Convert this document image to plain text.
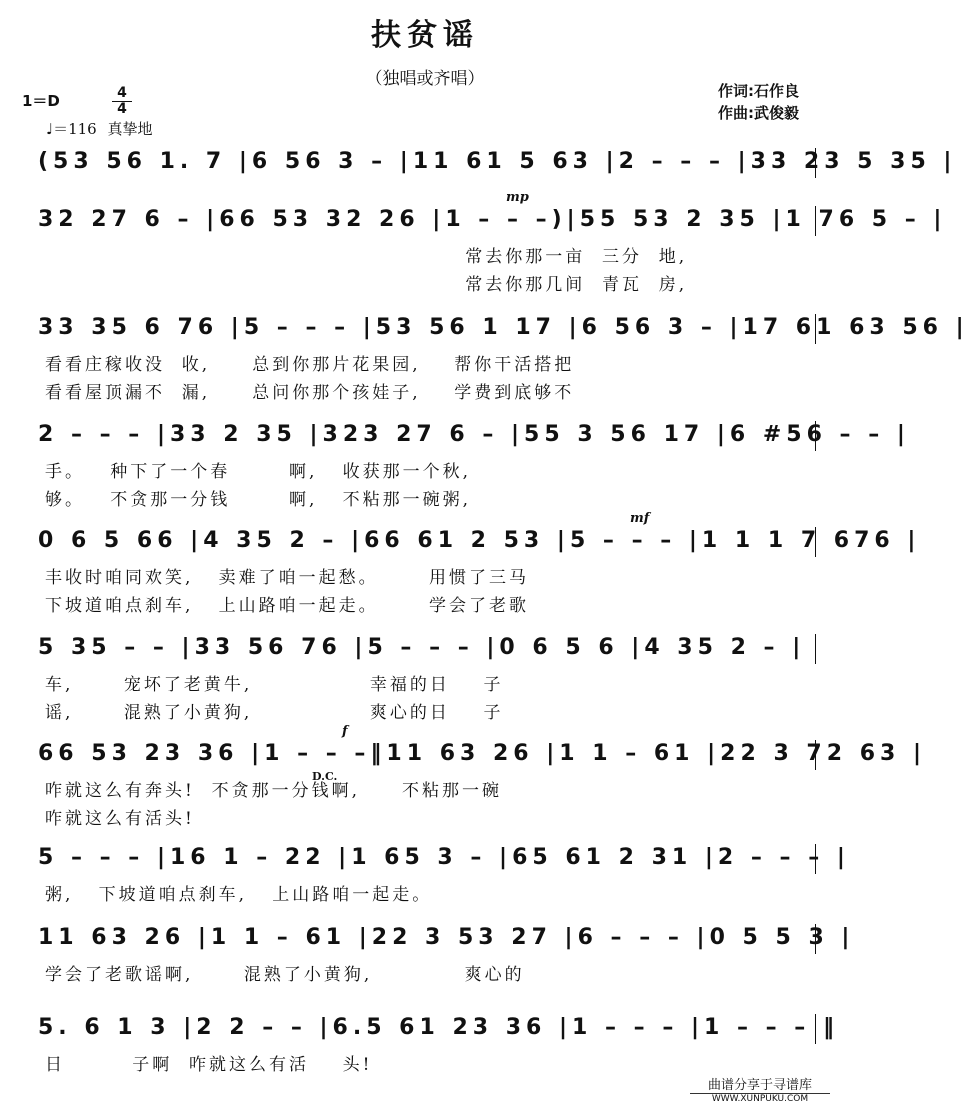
扶贫谣
（独唱或齐唱）
1＝D	4
4
♩＝116 真挚地
作词:石作良
作曲:武俊毅
(53 56 1. 7 |6 56 3 – |11 61 5 63 |2 – – – |33 23 5 35 |
32 27 6 – |66 53 32 26 |1 – – –)|55 53 2 35 |1 76 5 – |
mp
常去你那一亩  三分  地,
常去你那几间  青瓦  房,
33 35 6 76 |5 – – – |53 56 1 17 |6 56 3 – |17 61 63 56 |
看看庄稼收没  收,     总到你那片花果园,    帮你干活搭把
看看屋顶漏不  漏,     总问你那个孩娃子,    学费到底够不
2 – – – |33 2 35 |323 27 6 – |55 3 56 17 |6 #56 – – |
手。   种下了一个春       啊,   收获那一个秋,
够。   不贪那一分钱       啊,   不粘那一碗粥,
0 6 5 66 |4 35 2 – |66 61 2 53 |5 – – – |1 1 1 7 676 |
mf
丰收时咱同欢笑,   卖难了咱一起愁。      用惯了三马
下坡道咱点刹车,   上山路咱一起走。      学会了老歌
5 35 – – |33 56 76 |5 – – – |0 6 5 6 |4 35 2 – |
车,      宠坏了老黄牛,              幸福的日    子
谣,      混熟了小黄狗,              爽心的日    子
66 53 23 36 |1 – – –‖11 63 26 |1 1 – 61 |22 3 72 63 |
f
咋就这么有奔头!  不贪那一分钱啊,     不粘那一碗
咋就这么有活头!
5 – – – |16 1 – 22 |1 65 3 – |65 61 2 31 |2 – – – |
粥,   下坡道咱点刹车,   上山路咱一起走。
11 63 26 |1 1 – 61 |22 3 53 27 |6 – – – |0 5 5 3 |
学会了老歌谣啊,      混熟了小黄狗,           爽心的
5. 6 1 3 |2 2 – – |6.5 61 23 36 |1 – – – |1 – – – ‖
日        子啊  咋就这么有活    头!
D.C.
曲谱分享于寻谱库
WWW.XUNPUKU.COM
